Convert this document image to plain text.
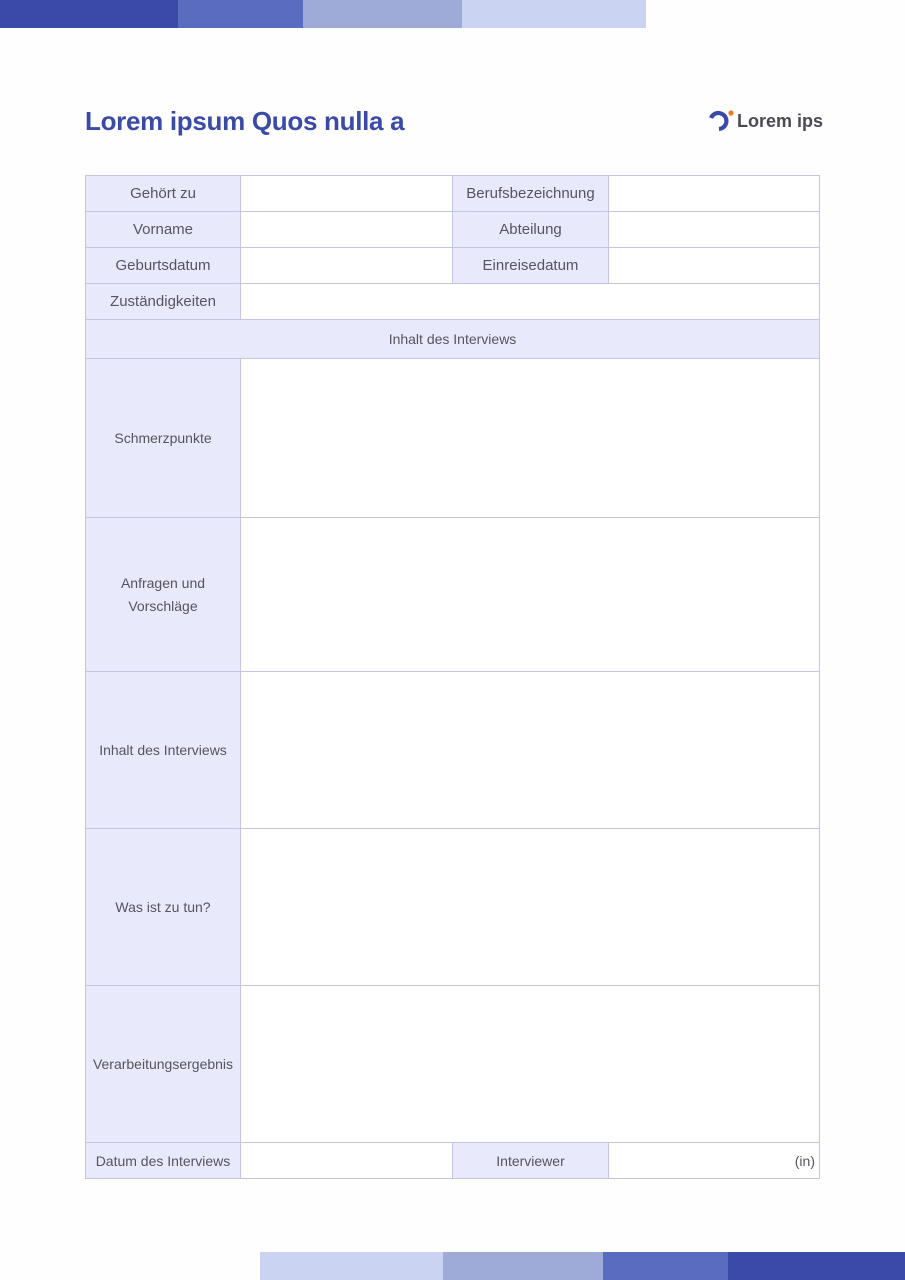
Lorem ipsum Quos nulla a	Lorem ips
Gehört zu	Berufsbezeichnung
Vorname	Abteilung
Geburtsdatum	Einreisedatum
Zuständigkeiten
Inhalt des Interviews
Schmerzpunkte
Anfragen und Vorschläge
Inhalt des Interviews
Was ist zu tun?
Verarbeitungsergebnis
Datum des Interviews	Interviewer	(in)
